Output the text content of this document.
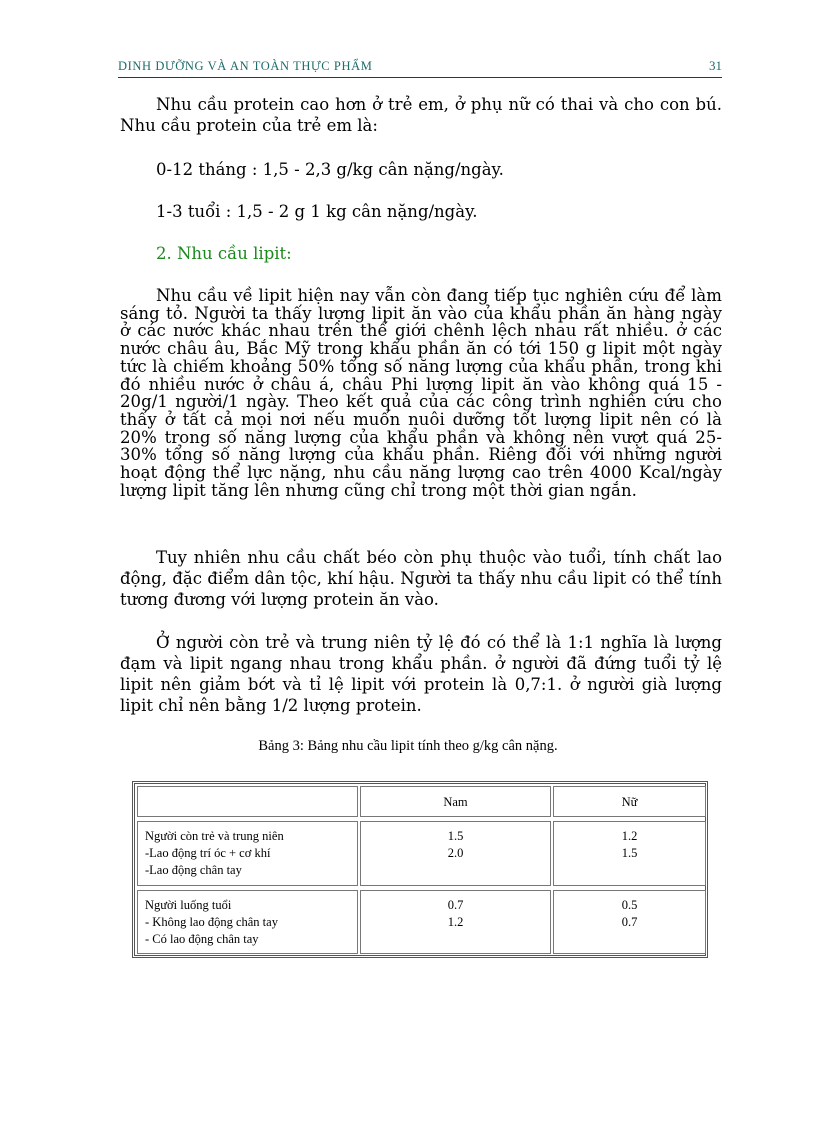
DINH DƯỠNG VÀ AN TOÀN THỰC PHẨM	31

Nhu cầu protein cao hơn ở trẻ em, ở phụ nữ có thai và cho con bú. Nhu cầu protein của trẻ em là:

0-12 tháng : 1,5 - 2,3 g/kg cân nặng/ngày.

1-3 tuổi : 1,5 - 2 g 1 kg cân nặng/ngày.

2. Nhu cầu lipit:

Nhu cầu về lipit hiện nay vẫn còn đang tiếp tục nghiên cứu để làm sáng tỏ. Người ta thấy lượng lipit ăn vào của khẩu phần ăn hàng ngày ở các nước khác nhau trên thế giới chênh lệch nhau rất nhiều. ở các nước châu âu, Bắc Mỹ trong khẩu phần ăn có tới 150 g lipit một ngày tức là chiếm khoảng 50% tổng số năng lượng của khẩu phần, trong khi đó nhiều nước ở châu á, châu Phi lượng lipit ăn vào không quá 15 - 20g/1 người/1 ngày. Theo kết quả của các công trình nghiên cứu cho thấy ở tất cả mọi nơi nếu muốn nuôi dưỡng tốt lượng lipit nên có là 20% trong số năng lượng của khẩu phần và không nên vượt quá 25-30% tổng số năng lượng của khẩu phần. Riêng đối với những người hoạt động thể lực nặng, nhu cầu năng lượng cao trên 4000 Kcal/ngày lượng lipit tăng lên nhưng cũng chỉ trong một thời gian ngắn.

Tuy nhiên nhu cầu chất béo còn phụ thuộc vào tuổi, tính chất lao động, đặc điểm dân tộc, khí hậu. Người ta thấy nhu cầu lipit có thể tính tương đương với lượng protein ăn vào.

Ở người còn trẻ và trung niên tỷ lệ đó có thể là 1:1 nghĩa là lượng đạm và lipit ngang nhau trong khẩu phần. ở người đã đứng tuổi tỷ lệ lipit nên giảm bớt và tỉ lệ lipit với protein là 0,7:1. ở người già lượng lipit chỉ nên bằng 1/2 lượng protein.

Bảng 3: Bảng nhu cầu lipit tính theo g/kg cân nặng.
Nam	Nữ
Người còn trẻ và trung niên
-Lao động trí óc + cơ khí
-Lao động chân tay
1.5
2.0
1.2
1.5
Người luống tuổi
- Không lao động chân tay
- Có lao động chân tay
0.7
1.2
0.5
0.7
